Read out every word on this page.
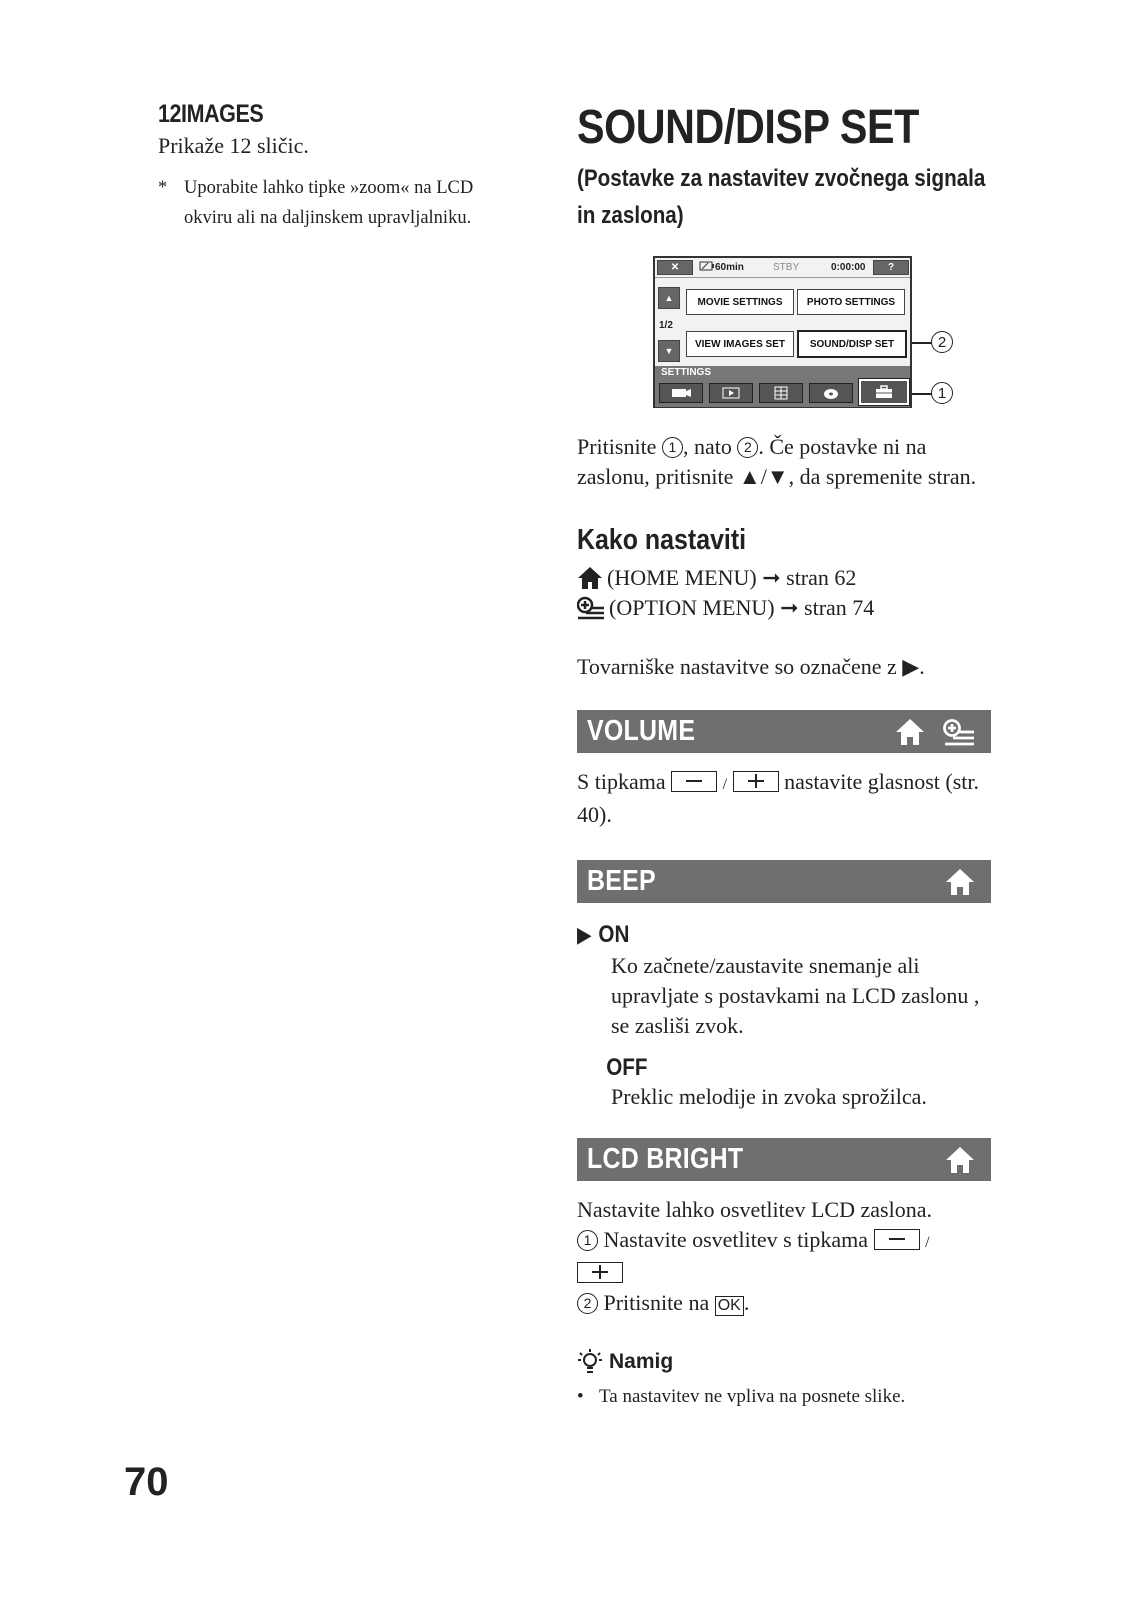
12IMAGES

Prikaže 12 sličic.

* Uporabite lahko tipke »zoom« na LCD okviru ali na daljinskem upravljalniku.
SOUND/DISP SET
(Postavke za nastavitev zvočnega signala in zaslona)
✕	60min	STBY	0:00:00	?
▲
1/2
▼
MOVIE SETTINGS	PHOTO SETTINGS
VIEW IMAGES SET	SOUND/DISP SET
SETTINGS
2
1

Pritisnite 1 , nato 2 . Če postavke ni na zaslonu, pritisnite ▲/▼, da spremenite stran.

Kako nastaviti
(HOME MENU) ➞ stran 62
(OPTION MENU) ➞ stran 74

Tovarniške nastavitve so označene z ▶.

VOLUME

S tipkama	/	nastavite glasnost (str. 40).

BEEP
▶ ON

Ko začnete/zaustavite snemanje ali upravljate s postavkami na LCD zaslonu , se zasliši zvok.

OFF

Preklic melodije in zvoka sprožilca.

LCD BRIGHT

Nastavite lahko osvetlitev LCD zaslona.

1 Nastavite osvetlitev s tipkama	/

2 Pritisnite na OK .

Namig
• Ta nastavitev ne vpliva na posnete slike.
70
